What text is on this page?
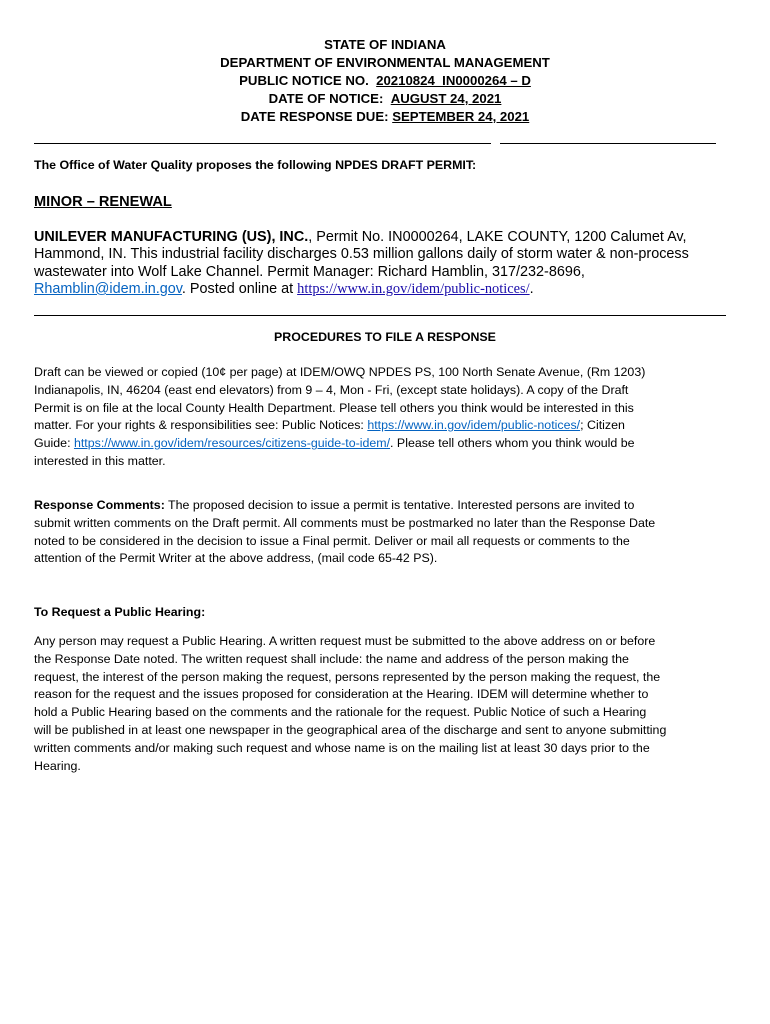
STATE OF INDIANA
DEPARTMENT OF ENVIRONMENTAL MANAGEMENT
PUBLIC NOTICE NO. 20210824_IN0000264 – D
DATE OF NOTICE: AUGUST 24, 2021
DATE RESPONSE DUE: SEPTEMBER 24, 2021
The Office of Water Quality proposes the following NPDES DRAFT PERMIT:
MINOR – RENEWAL
UNILEVER MANUFACTURING (US), INC., Permit No. IN0000264, LAKE COUNTY, 1200 Calumet Av,
Hammond, IN. This industrial facility discharges 0.53 million gallons daily of storm water & non-process
wastewater into Wolf Lake Channel. Permit Manager: Richard Hamblin, 317/232-8696,
Rhamblin@idem.in.gov. Posted online at https://www.in.gov/idem/public-notices/.
PROCEDURES TO FILE A RESPONSE
Draft can be viewed or copied (10¢ per page) at IDEM/OWQ NPDES PS, 100 North Senate Avenue, (Rm 1203)
Indianapolis, IN, 46204 (east end elevators) from 9 – 4, Mon - Fri, (except state holidays). A copy of the Draft
Permit is on file at the local County Health Department. Please tell others you think would be interested in this
matter. For your rights & responsibilities see: Public Notices: https://www.in.gov/idem/public-notices/; Citizen
Guide: https://www.in.gov/idem/resources/citizens-guide-to-idem/. Please tell others whom you think would be
interested in this matter.
Response Comments: The proposed decision to issue a permit is tentative. Interested persons are invited to
submit written comments on the Draft permit. All comments must be postmarked no later than the Response Date
noted to be considered in the decision to issue a Final permit. Deliver or mail all requests or comments to the
attention of the Permit Writer at the above address, (mail code 65-42 PS).
To Request a Public Hearing:
Any person may request a Public Hearing. A written request must be submitted to the above address on or before
the Response Date noted. The written request shall include: the name and address of the person making the
request, the interest of the person making the request, persons represented by the person making the request, the
reason for the request and the issues proposed for consideration at the Hearing. IDEM will determine whether to
hold a Public Hearing based on the comments and the rationale for the request. Public Notice of such a Hearing
will be published in at least one newspaper in the geographical area of the discharge and sent to anyone submitting
written comments and/or making such request and whose name is on the mailing list at least 30 days prior to the
Hearing.
